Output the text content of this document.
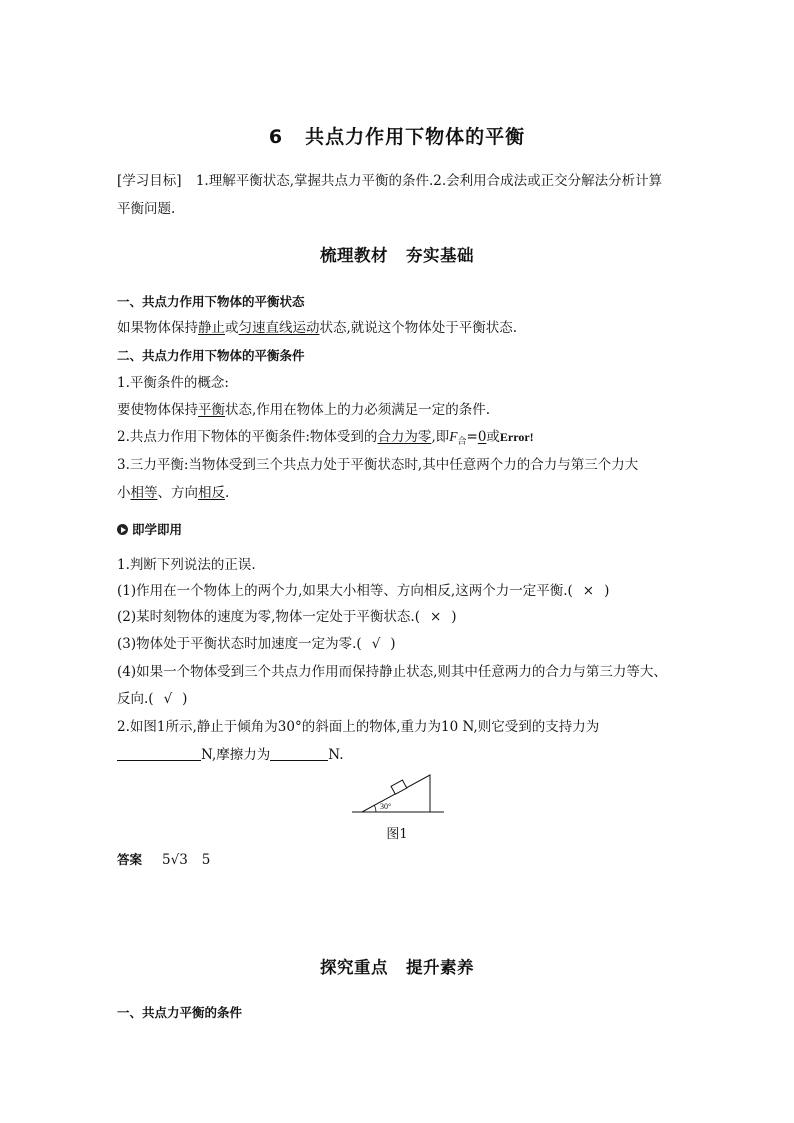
6 共点力作用下物体的平衡
[学习目标] 1.理解平衡状态,掌握共点力平衡的条件.2.会利用合成法或正交分解法分析计算
平衡问题.
梳理教材 夯实基础
一、共点力作用下物体的平衡状态
如果物体保持静止或匀速直线运动状态,就说这个物体处于平衡状态.
二、共点力作用下物体的平衡条件
1.平衡条件的概念:
要使物体保持平衡状态,作用在物体上的力必须满足一定的条件.
2.共点力作用下物体的平衡条件:物体受到的合力为零,即$F_合=0$或Error!
3.三力平衡:当物体受到三个共点力处于平衡状态时,其中任意两个力的合力与第三个力大
小相等、方向相反.
即学即用
1.判断下列说法的正误.
(1)作用在一个物体上的两个力,如果大小相等、方向相反,这两个力一定平衡.( × )
(2)某时刻物体的速度为零,物体一定处于平衡状态.( × )
(3)物体处于平衡状态时加速度一定为零.( √ )
(4)如果一个物体受到三个共点力作用而保持静止状态,则其中任意两力的合力与第三力等大、
反向.( √ )
2.如图1所示,静止于倾角为30°的斜面上的物体,重力为10 N,则它受到的支持力为
N,摩擦力为	N.
30°
图1
答案 5√3 5
探究重点 提升素养
一、共点力平衡的条件
